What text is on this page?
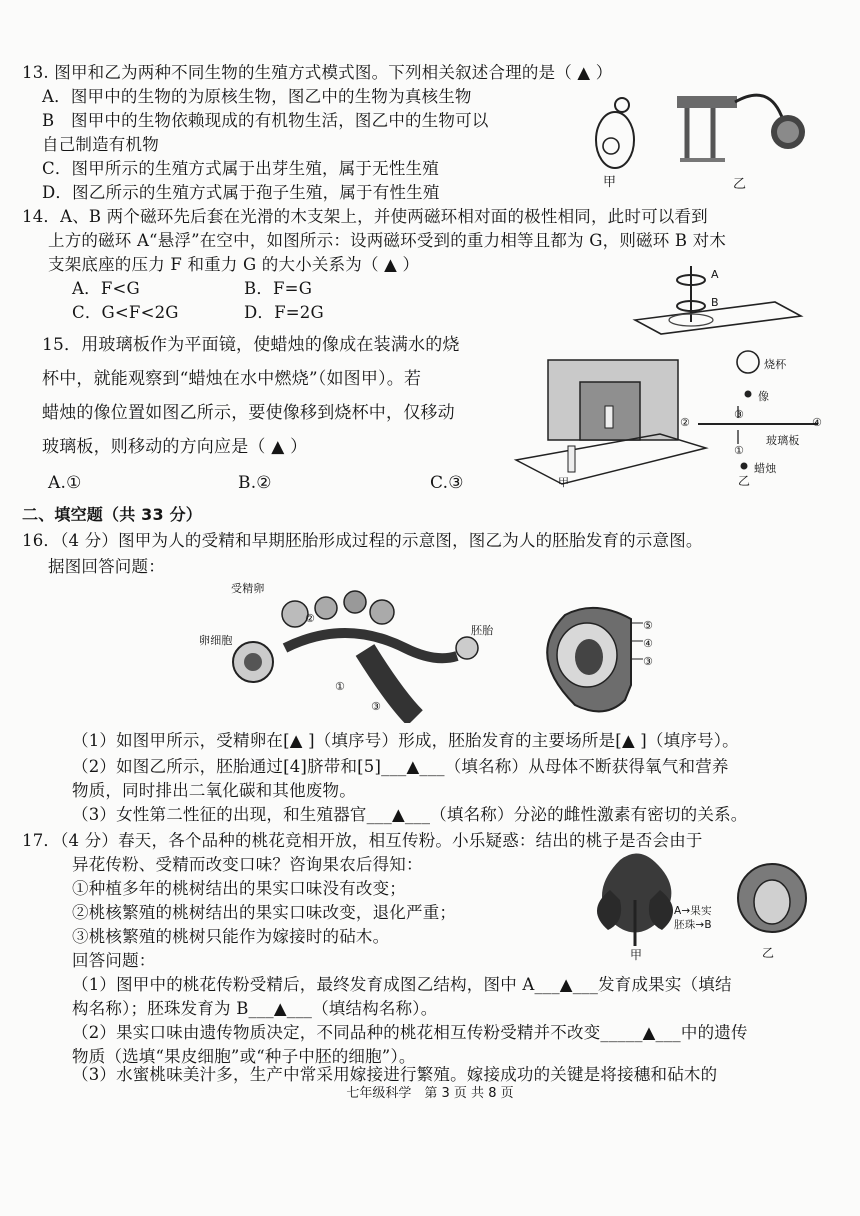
13. 图甲和乙为两种不同生物的生殖方式模式图。下列相关叙述合理的是（ ▲ ）
A．图甲中的生物的为原核生物，图乙中的生物为真核生物
B　图甲中的生物依赖现成的有机物生活，图乙中的生物可以
自己制造有机物
C．图甲所示的生殖方式属于出芽生殖，属于无性生殖
D．图乙所示的生殖方式属于孢子生殖，属于有性生殖
甲	乙
14．A、B 两个磁环先后套在光滑的木支架上，并使两磁环相对面的极性相同，此时可以看到
上方的磁环 A“悬浮”在空中，如图所示：设两磁环受到的重力相等且都为 G，则磁环 B 对木
支架底座的压力 F 和重力 G 的大小关系为（ ▲ ）
A．F<G	B．F=G
C．G<F<2G	D．F=2G
A
B
15．用玻璃板作为平面镜，使蜡烛的像成在装满水的烧
杯中，就能观察到“蜡烛在水中燃烧”（如图甲）。若
蜡烛的像位置如图乙所示，要使像移到烧杯中，仅移动
玻璃板，则移动的方向应是（ ▲ ）
A.①	B.②	C.③	甲
烧杯
像
玻璃板
蜡烛
①
②
③
④
乙
二、填空题（共 33 分）
16．（4 分）图甲为人的受精和早期胚胎形成过程的示意图，图乙为人的胚胎发育的示意图。
据图回答问题：
受精卵
卵细胞
胚胎
①
②
③
⑤
④
③
（1）如图甲所示，受精卵在[▲ ]（填序号）形成，胚胎发育的主要场所是[▲ ]（填序号）。
（2）如图乙所示，胚胎通过[4]脐带和[5]___▲___（填名称）从母体不断获得氧气和营养
物质，同时排出二氧化碳和其他废物。
（3）女性第二性征的出现，和生殖器官___▲___（填名称）分泌的雌性激素有密切的关系。
17．（4 分）春天，各个品种的桃花竞相开放，相互传粉。小乐疑惑：结出的桃子是否会由于
异花传粉、受精而改变口味？咨询果农后得知：
①种植多年的桃树结出的果实口味没有改变；
②桃核繁殖的桃树结出的果实口味改变，退化严重；
③桃核繁殖的桃树只能作为嫁接时的砧木。
回答问题：
A→果实
胚珠→B
甲	乙
（1）图甲中的桃花传粉受精后，最终发育成图乙结构，图中 A___▲___发育成果实（填结
构名称）；胚珠发育为 B___▲___（填结构名称）。
（2）果实口味由遗传物质决定，不同品种的桃花相互传粉受精并不改变_____▲___中的遗传
物质（选填“果皮细胞”或“种子中胚的细胞”）。
（3）水蜜桃味美汁多，生产中常采用嫁接进行繁殖。嫁接成功的关键是将接穗和砧木的
七年级科学　第 3 页 共 8 页
